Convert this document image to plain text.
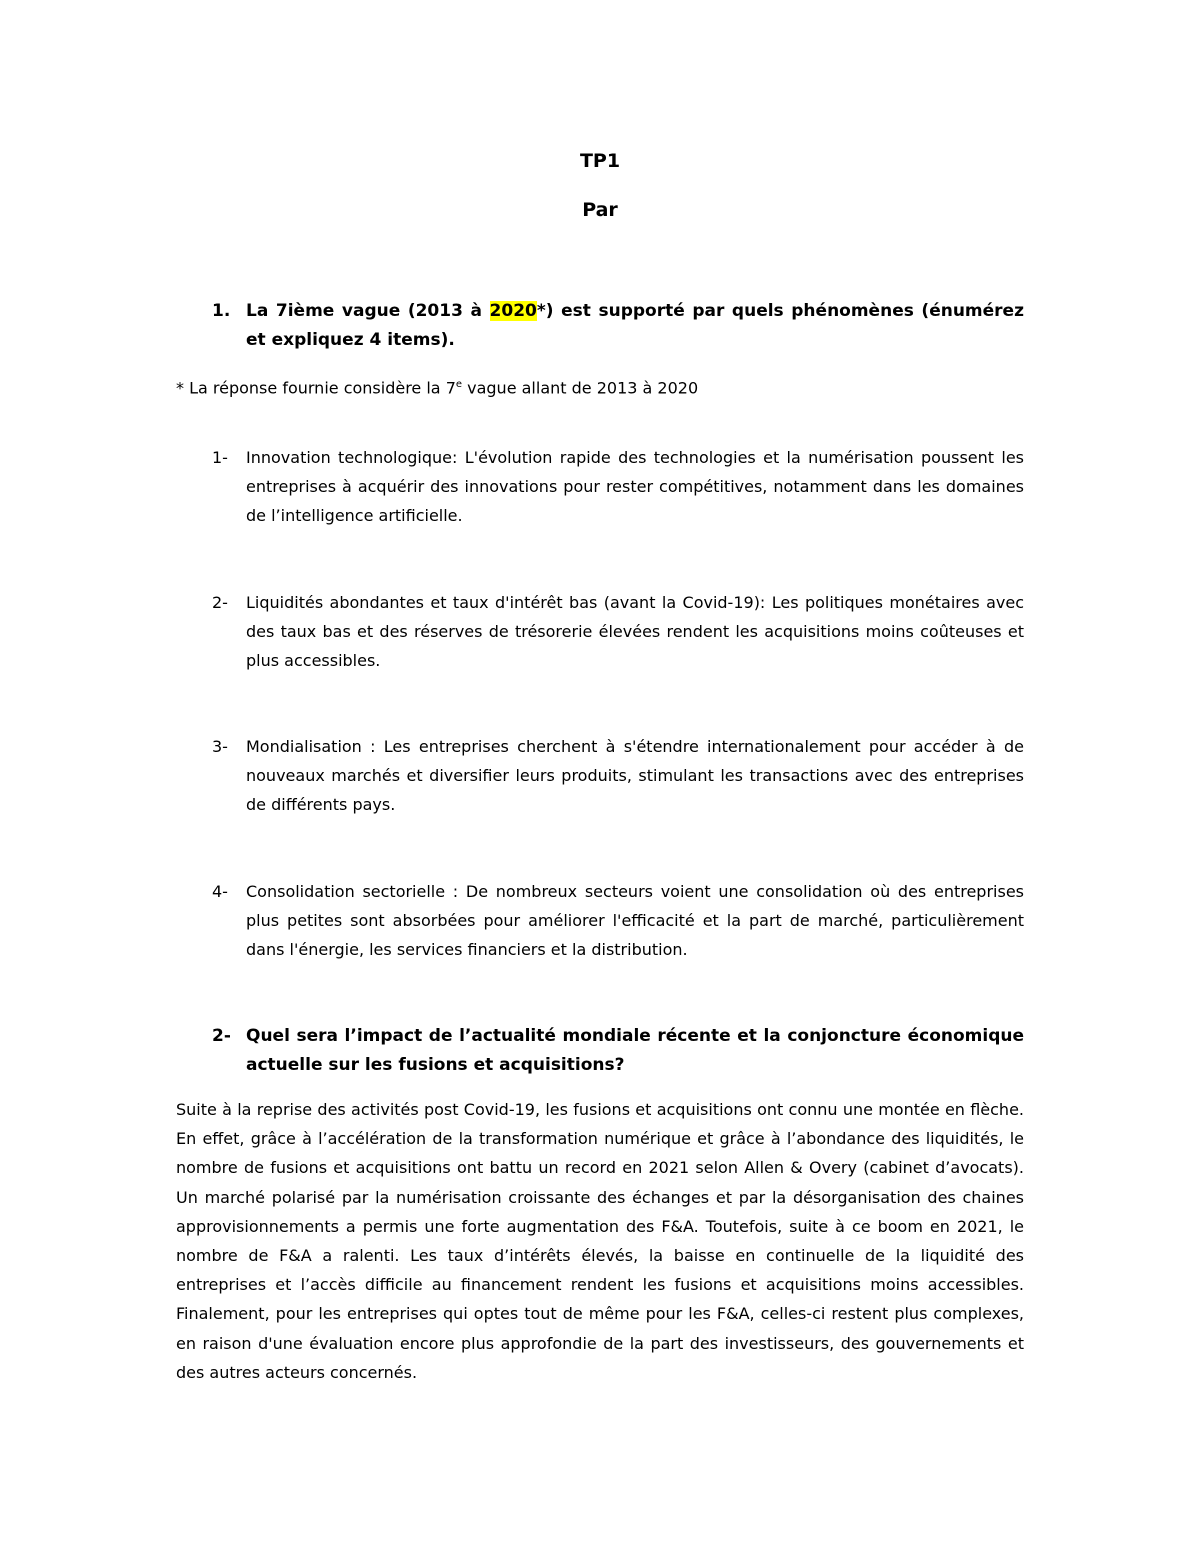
TP1
Par
1. La 7ième vague (2013 à 2020*) est supporté par quels phénomènes (énumérez et expliquez 4 items).
* La réponse fournie considère la 7e vague allant de 2013 à 2020
1- Innovation technologique: L'évolution rapide des technologies et la numérisation poussent les entreprises à acquérir des innovations pour rester compétitives, notamment dans les domaines de l’intelligence artificielle.
2- Liquidités abondantes et taux d'intérêt bas (avant la Covid-19): Les politiques monétaires avec des taux bas et des réserves de trésorerie élevées rendent les acquisitions moins coûteuses et plus accessibles.
3- Mondialisation : Les entreprises cherchent à s'étendre internationalement pour accéder à de nouveaux marchés et diversifier leurs produits, stimulant les transactions avec des entreprises de différents pays.
4- Consolidation sectorielle : De nombreux secteurs voient une consolidation où des entreprises plus petites sont absorbées pour améliorer l'efficacité et la part de marché, particulièrement dans l'énergie, les services financiers et la distribution.
2- Quel sera l’impact de l’actualité mondiale récente et la conjoncture économique actuelle sur les fusions et acquisitions?
Suite à la reprise des activités post Covid-19, les fusions et acquisitions ont connu une montée en flèche. En effet, grâce à l’accélération de la transformation numérique et grâce à l’abondance des liquidités, le nombre de fusions et acquisitions ont battu un record en 2021 selon Allen & Overy (cabinet d’avocats). Un marché polarisé par la numérisation croissante des échanges et par la désorganisation des chaines approvisionnements a permis une forte augmentation des F&A. Toutefois, suite à ce boom en 2021, le nombre de F&A a ralenti. Les taux d’intérêts élevés, la baisse en continuelle de la liquidité des entreprises et l’accès difficile au financement rendent les fusions et acquisitions moins accessibles. Finalement, pour les entreprises qui optes tout de même pour les F&A, celles-ci restent plus complexes, en raison d'une évaluation encore plus approfondie de la part des investisseurs, des gouvernements et des autres acteurs concernés.
